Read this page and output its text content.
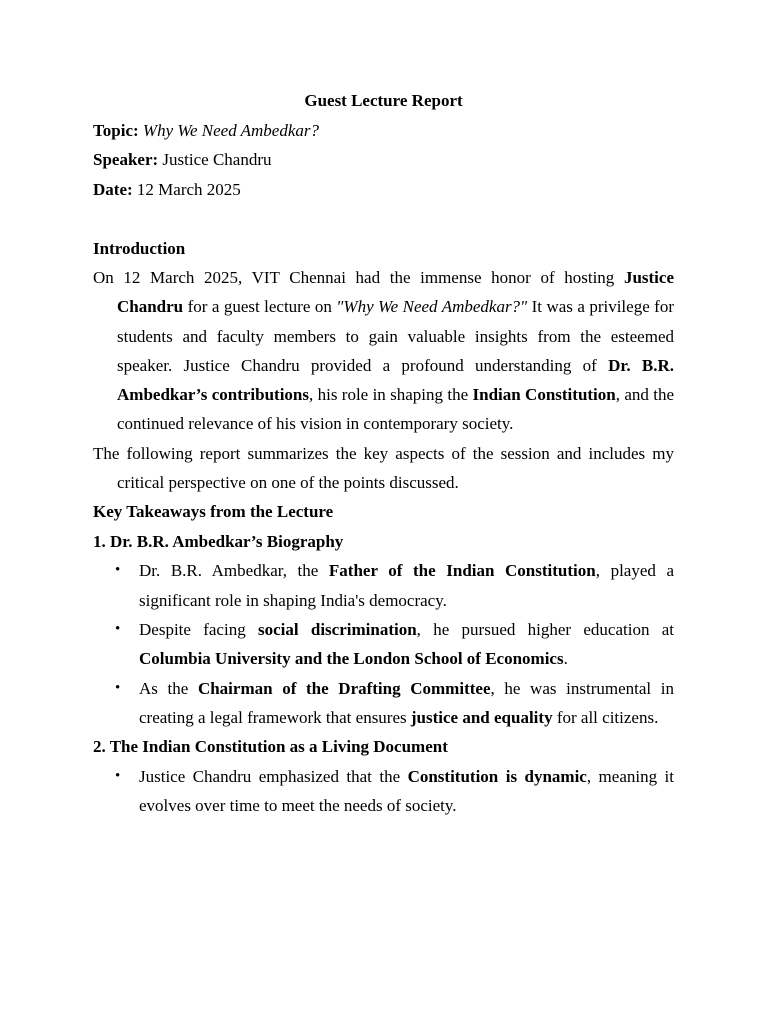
Guest Lecture Report

Topic: Why We Need Ambedkar?

Speaker: Justice Chandru

Date: 12 March 2025

Introduction

On 12 March 2025, VIT Chennai had the immense honor of hosting Justice Chandru for a guest lecture on "Why We Need Ambedkar?" It was a privilege for students and faculty members to gain valuable insights from the esteemed speaker. Justice Chandru provided a profound understanding of Dr. B.R. Ambedkar’s contributions, his role in shaping the Indian Constitution, and the continued relevance of his vision in contemporary society.

The following report summarizes the key aspects of the session and includes my critical perspective on one of the points discussed.

Key Takeaways from the Lecture

1. Dr. B.R. Ambedkar’s Biography

• Dr. B.R. Ambedkar, the Father of the Indian Constitution, played a significant role in shaping India's democracy.
• Despite facing social discrimination, he pursued higher education at Columbia University and the London School of Economics.
• As the Chairman of the Drafting Committee, he was instrumental in creating a legal framework that ensures justice and equality for all citizens.

2. The Indian Constitution as a Living Document

• Justice Chandru emphasized that the Constitution is dynamic, meaning it evolves over time to meet the needs of society.
